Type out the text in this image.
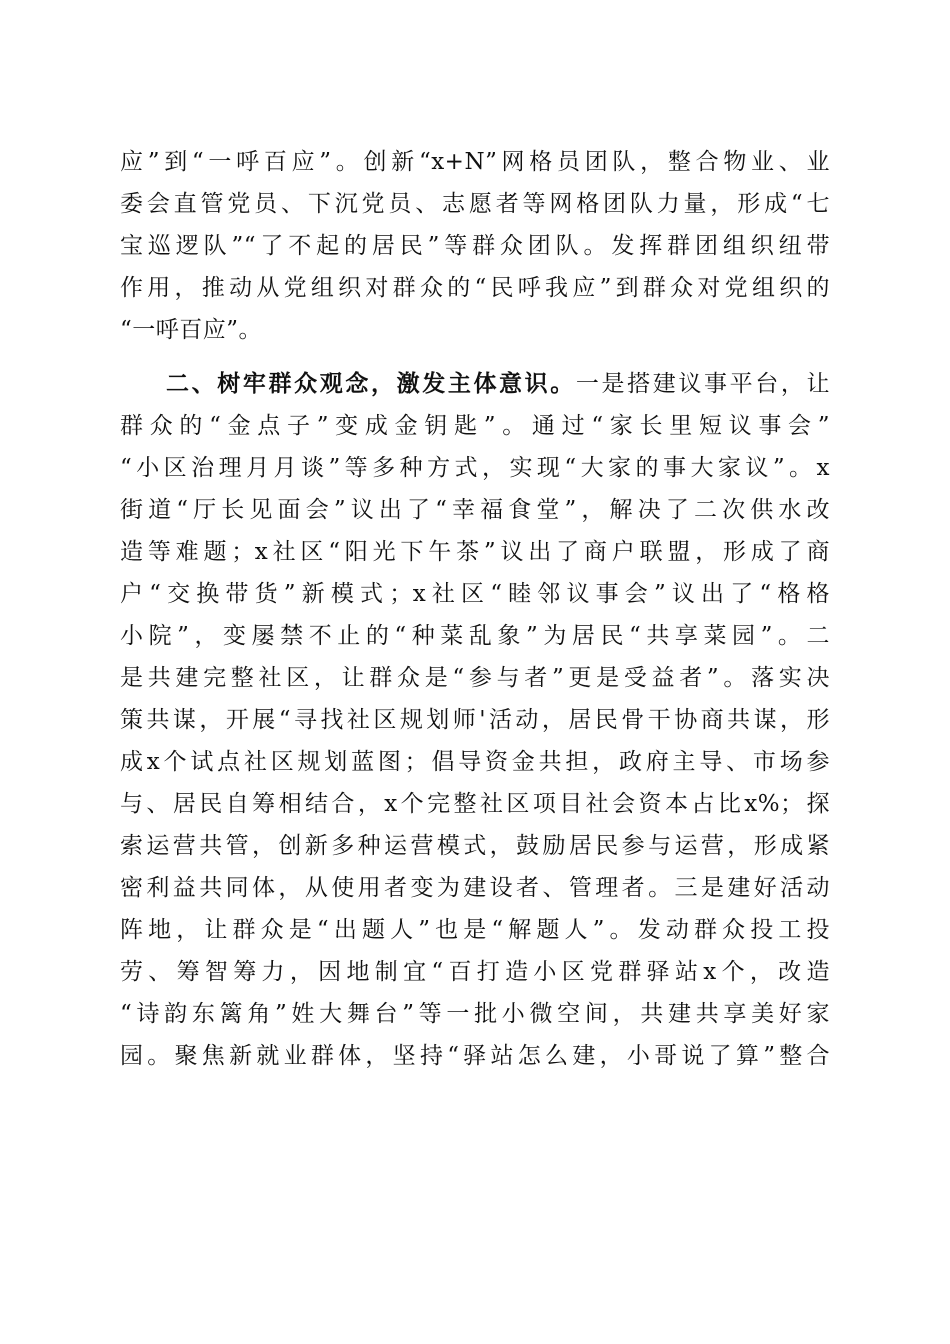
应”到“一呼百应”。创新“x+N”网格员团队，整合物业、业
委会直管党员、下沉党员、志愿者等网格团队力量，形成“七
宝巡逻队”“了不起的居民”等群众团队。发挥群团组织纽带
作用，推动从党组织对群众的“民呼我应”到群众对党组织的
“一呼百应”。
二、树牢群众观念，激发主体意识。一是搭建议事平台，让
群众的“金点子”变成金钥匙”。通过“家长里短议事会”
“小区治理月月谈”等多种方式，实现“大家的事大家议”。x
街道“厅长见面会”议出了“幸福食堂”，解决了二次供水改
造等难题；x社区“阳光下午茶”议出了商户联盟，形成了商
户“交换带货”新模式；x社区“睦邻议事会”议出了“格格
小院”，变屡禁不止的“种菜乱象”为居民“共享菜园”。二
是共建完整社区，让群众是“参与者”更是受益者”。落实决
策共谋，开展“寻找社区规划师'活动，居民骨干协商共谋，形
成x个试点社区规划蓝图；倡导资金共担，政府主导、市场参
与、居民自筹相结合，x个完整社区项目社会资本占比x%；探
索运营共管，创新多种运营模式，鼓励居民参与运营，形成紧
密利益共同体，从使用者变为建设者、管理者。三是建好活动
阵地，让群众是“出题人”也是“解题人”。发动群众投工投
劳、筹智筹力，因地制宜“百打造小区党群驿站x个，改造
“诗韵东篱角”姓大舞台”等一批小微空间，共建共享美好家
园。聚焦新就业群体，坚持“驿站怎么建，小哥说了算”整合
